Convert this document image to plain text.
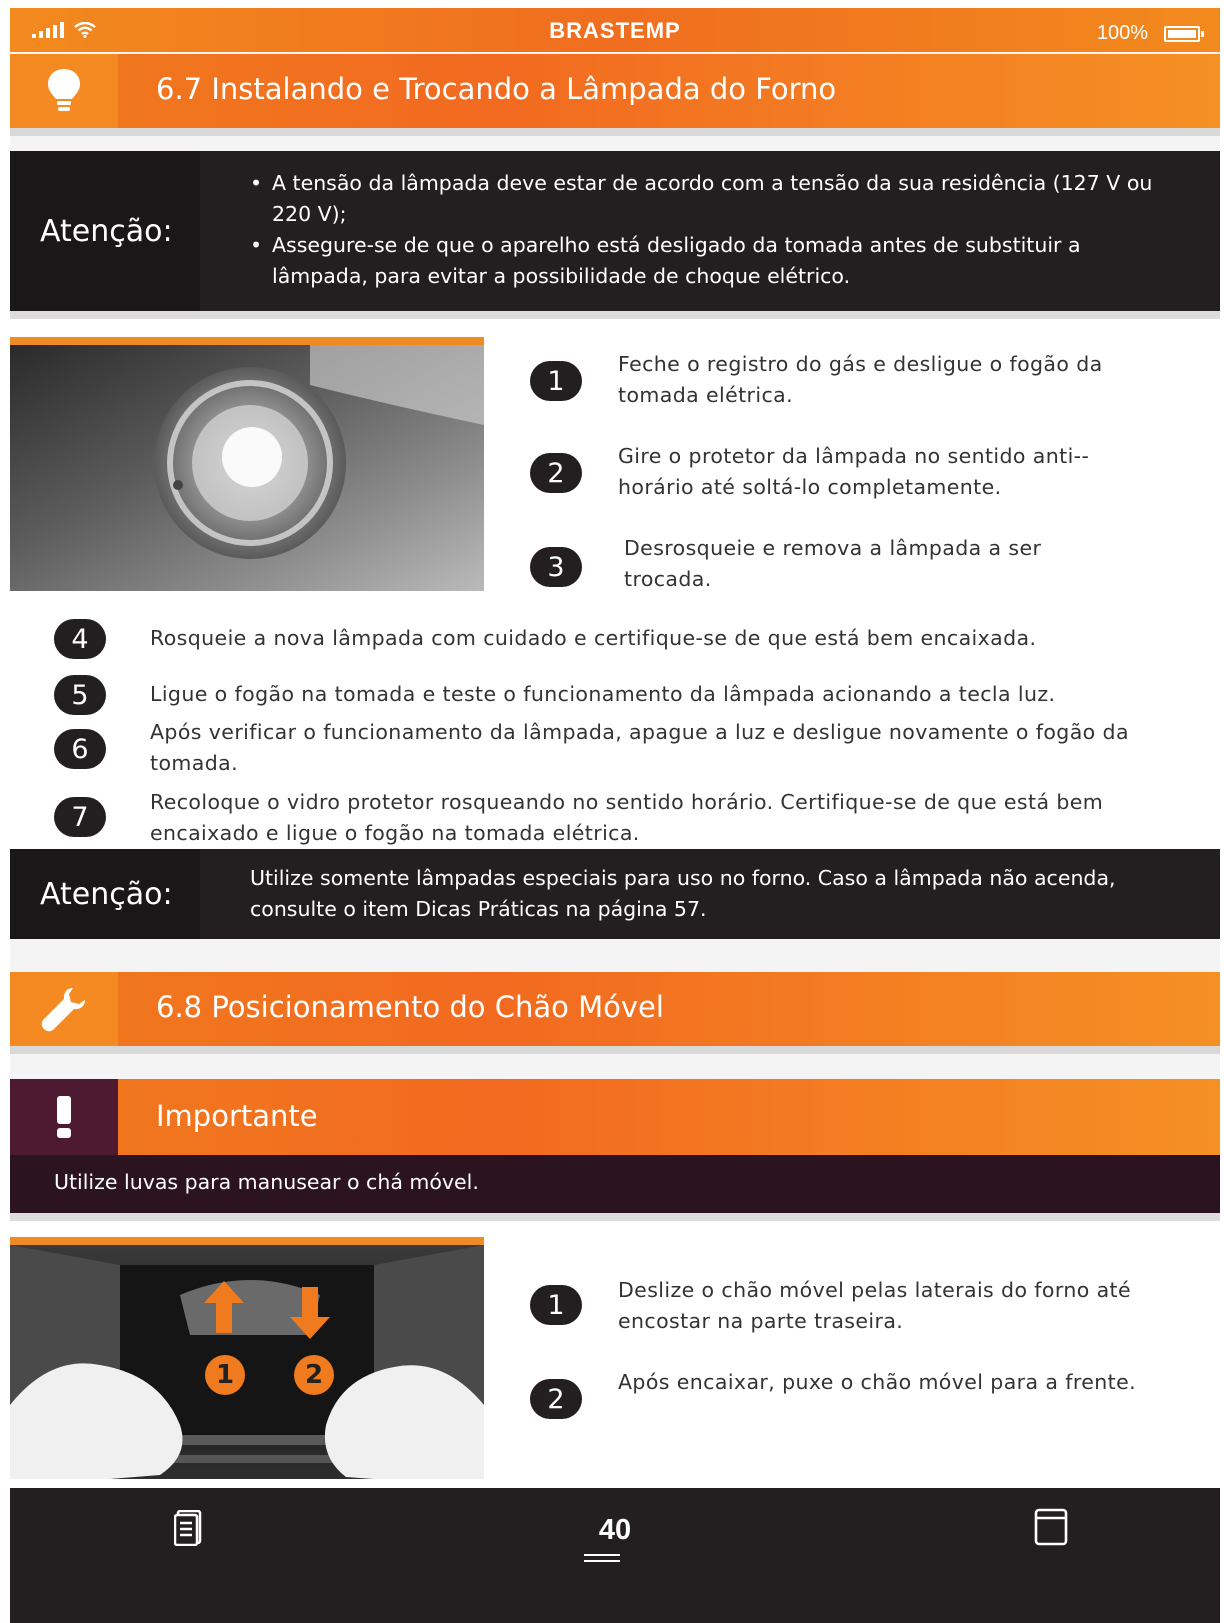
BRASTEMP	100%
6.7 Instalando e Trocando a Lâmpada do Forno
Atenção:
• A tensão da lâmpada deve estar de acordo com a tensão da sua residência (127 V ou 220 V);
• Assegure-se de que o aparelho está desligado da tomada antes de substituir a lâmpada, para evitar a possibilidade de choque elétrico.
1
Feche o registro do gás e desligue o fogão da tomada elétrica.
2
Gire o protetor da lâmpada no sentido anti--horário até soltá-lo completamente.
3
Desrosqueie e remova a lâmpada a ser trocada.
4	Rosqueie a nova lâmpada com cuidado e certifique-se de que está bem encaixada.
5	Ligue o fogão na tomada e teste o funcionamento da lâmpada acionando a tecla luz.
6
Após verificar o funcionamento da lâmpada, apague a luz e desligue novamente o fogão da tomada.
7	Recoloque o vidro protetor rosqueando no sentido horário. Certifique-se de que está bem encaixado e ligue o fogão na tomada elétrica.
Atenção:	Utilize somente lâmpadas especiais para uso no forno. Caso a lâmpada não acenda, consulte o item Dicas Práticas na página 57.
6.8 Posicionamento do Chão Móvel
Importante
Utilize luvas para manusear o chá móvel.
1	2
1	Deslize o chão móvel pelas laterais do forno até encostar na parte traseira.
2
Após encaixar, puxe o chão móvel para a frente.
40
